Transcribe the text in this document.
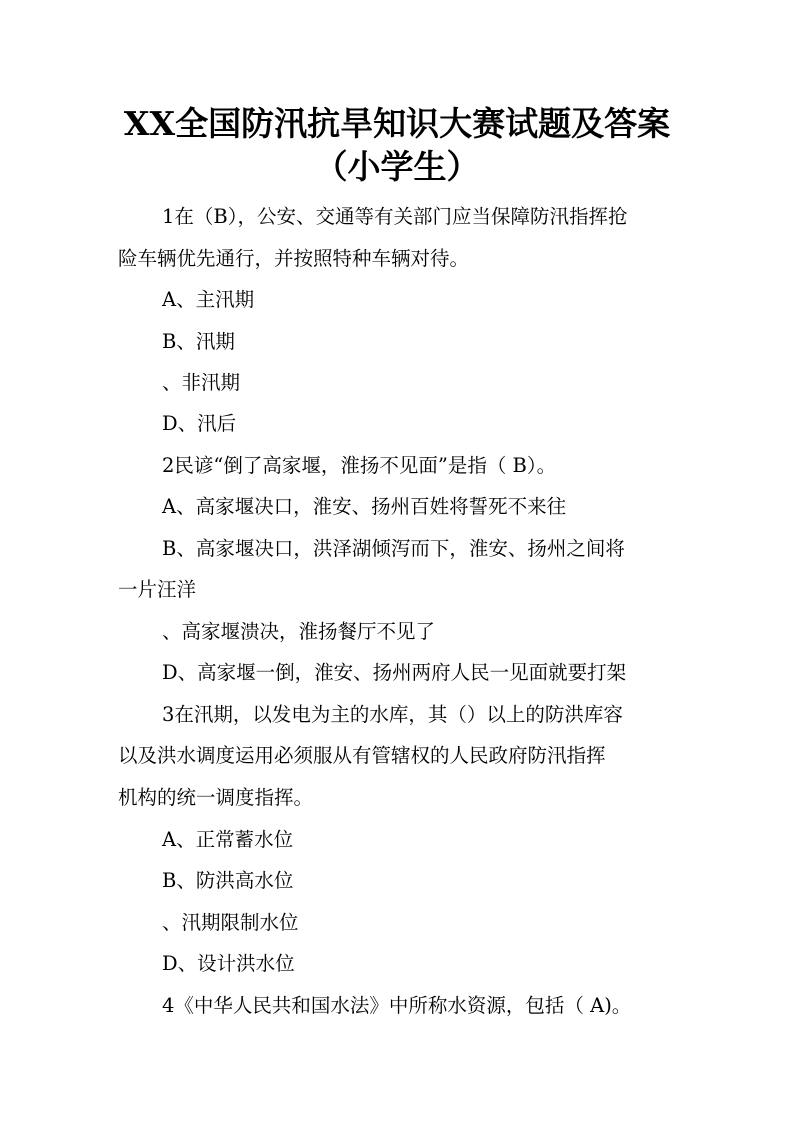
XX全国防汛抗旱知识大赛试题及答案
（小学生）
1在（B），公安、交通等有关部门应当保障防汛指挥抢
险车辆优先通行，并按照特种车辆对待。
A、主汛期
B、汛期
、非汛期
D、汛后
2民谚“倒了高家堰，淮扬不见面”是指（ B）。
A、高家堰决口，淮安、扬州百姓将誓死不来往
B、高家堰决口，洪泽湖倾泻而下，淮安、扬州之间将
一片汪洋
、高家堰溃决，淮扬餐厅不见了
D、高家堰一倒，淮安、扬州两府人民一见面就要打架
3在汛期，以发电为主的水库，其（）以上的防洪库容
以及洪水调度运用必须服从有管辖权的人民政府防汛指挥
机构的统一调度指挥。
A、正常蓄水位
B、防洪高水位
、汛期限制水位
D、设计洪水位
4《中华人民共和国水法》中所称水资源，包括（ A)。
